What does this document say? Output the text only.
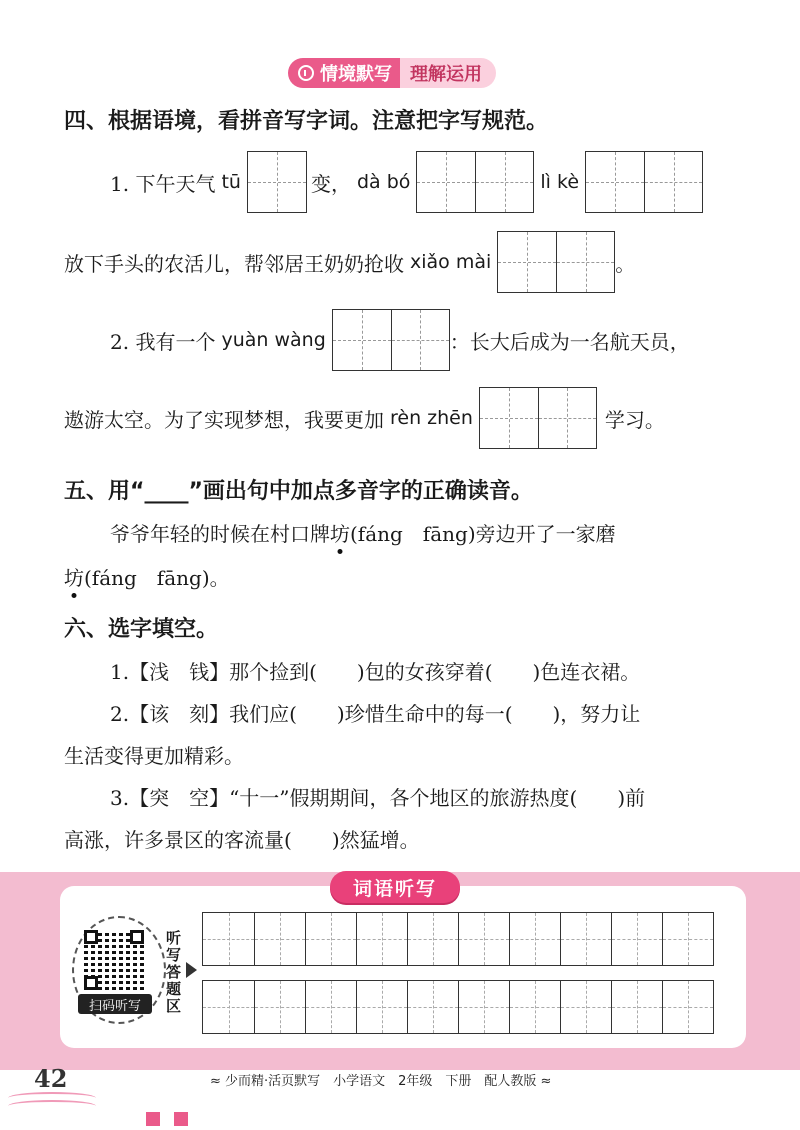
情境默写 理解运用
四、根据语境，看拼音写字词。注意把字写规范。
1. 下午天气 tū	变， dà bó	lì kè
放下手头的农活儿，帮邻居王奶奶抢收 xiǎo mài	。
2. 我有一个 yuàn wàng	：长大后成为一名航天员，
遨游太空。为了实现梦想，我要更加 rèn zhēn	学习。
五、用“____”画出句中加点多音字的正确读音。
爷爷年轻的时候在村口牌坊(fáng　fāng)旁边开了一家磨
坊(fáng　fāng)。
六、选字填空。
1.【浅　钱】那个捡到( )包的女孩穿着( )色连衣裙。
2.【该　刻】我们应( )珍惜生命中的每一( )，努力让
生活变得更加精彩。
3.【突　空】“十一”假期期间，各个地区的旅游热度( )前
高涨，许多景区的客流量( )然猛增。
词语听写
扫码听写
听
写
答
题
区
42	≈ 少而精·活页默写　小学语文　2年级　下册　配人教版 ≈
